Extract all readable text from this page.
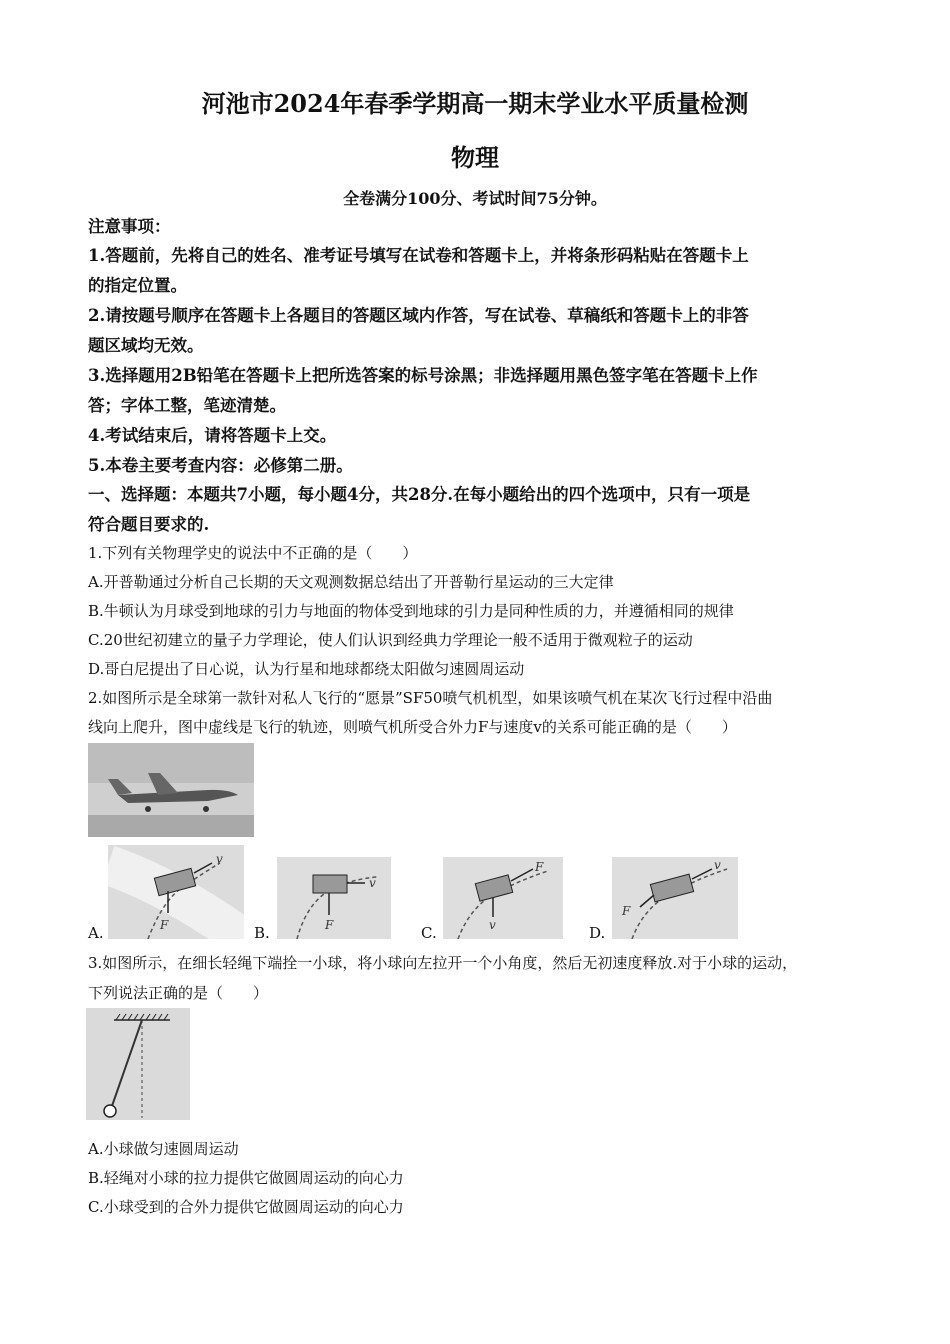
河池市2024年春季学期高一期末学业水平质量检测
物理
全卷满分100分、考试时间75分钟。
注意事项：
1.答题前，先将自己的姓名、准考证号填写在试卷和答题卡上，并将条形码粘贴在答题卡上
的指定位置。
2.请按题号顺序在答题卡上各题目的答题区域内作答，写在试卷、草稿纸和答题卡上的非答
题区域均无效。
3.选择题用2B铅笔在答题卡上把所选答案的标号涂黑；非选择题用黑色签字笔在答题卡上作
答；字体工整，笔迹清楚。
4.考试结束后，请将答题卡上交。
5.本卷主要考查内容：必修第二册。
一、选择题：本题共7小题，每小题4分，共28分.在每小题给出的四个选项中，只有一项是
符合题目要求的.
1.下列有关物理学史的说法中不正确的是（　　）
A.开普勒通过分析自己长期的天文观测数据总结出了开普勒行星运动的三大定律
B.牛顿认为月球受到地球的引力与地面的物体受到地球的引力是同种性质的力，并遵循相同的规律
C.20世纪初建立的量子力学理论，使人们认识到经典力学理论一般不适用于微观粒子的运动
D.哥白尼提出了日心说，认为行星和地球都绕太阳做匀速圆周运动
2.如图所示是全球第一款针对私人飞行的“愿景”SF50喷气机机型，如果该喷气机在某次飞行过程中沿曲
线向上爬升，图中虚线是飞行的轨迹，则喷气机所受合外力F与速度v的关系可能正确的是（　　）
v
F
A.
v
F
B.
F
v
C.
v
F
D.
3.如图所示，在细长轻绳下端拴一小球，将小球向左拉开一个小角度，然后无初速度释放.对于小球的运动，
下列说法正确的是（　　）
A.小球做匀速圆周运动
B.轻绳对小球的拉力提供它做圆周运动的向心力
C.小球受到的合外力提供它做圆周运动的向心力
